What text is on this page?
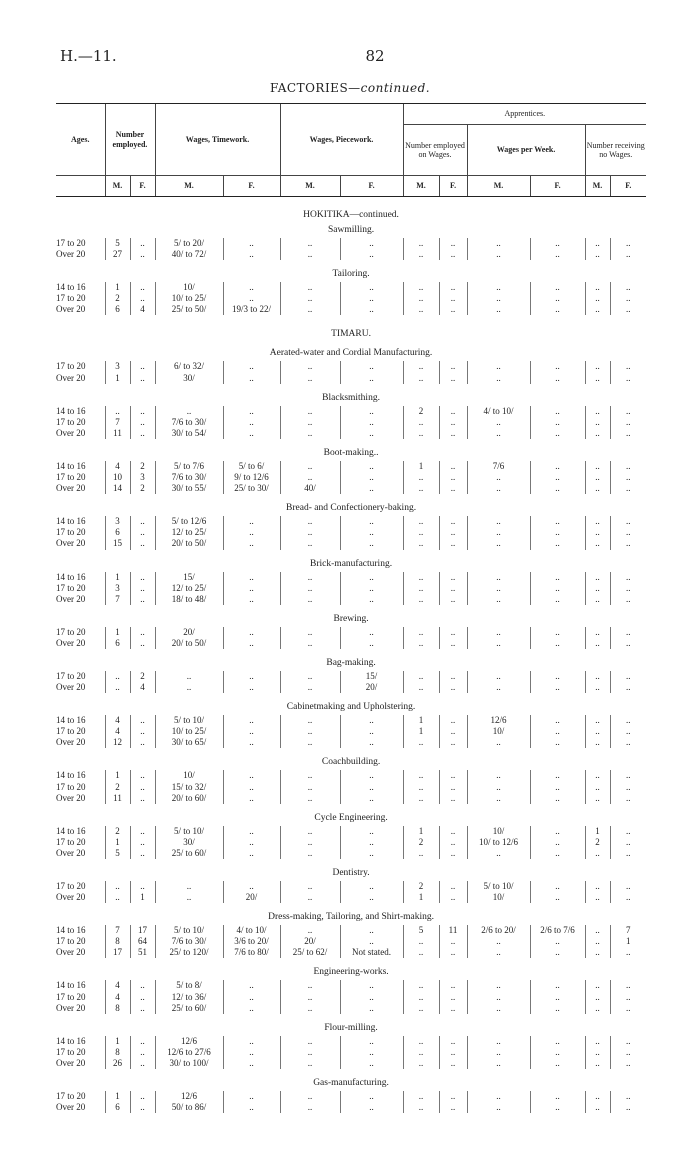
H.—11.	82
FACTORIES—continued.
Ages.	Number employed.		Wages, Timework.		Wages, Piecework.		Apprentices.					
							Number employed on Wages.		Wages per Week.		Number receiving no Wages.	
	M.	F.	M.	F.	M.	F.	M.	F.	M.	F.	M.	F.
HOKITIKA—continued.												
Sawmilling.												
17 to 20	5	..	5/ to 20/	..	..	..	..	..	..	..	..	..
Over 20	27	..	40/ to 72/	..	..	..	..	..	..	..	..	..

Tailoring.												
14 to 16	1	..	10/	..	..	..	..	..	..	..	..	..
17 to 20	2	..	10/ to 25/	..	..	..	..	..	..	..	..	..
Over 20	6	4	25/ to 50/	19/3 to 22/	..	..	..	..	..	..	..	..

TIMARU.												
Aerated-water and Cordial Manufacturing.												
17 to 20	3	..	6/ to 32/	..	..	..	..	..	..	..	..	..
Over 20	1	..	30/	..	..	..	..	..	..	..	..	..

Blacksmithing.												
14 to 16	..	..	..	..	..	..	2	..	4/ to 10/	..	..	..
17 to 20	7	..	7/6 to 30/	..	..	..	..	..	..	..	..	..
Over 20	11	..	30/ to 54/	..	..	..	..	..	..	..	..	..

Boot-making..												
14 to 16	4	2	5/ to 7/6	5/ to 6/	..	..	1	..	7/6	..	..	..
17 to 20	10	3	7/6 to 30/	9/ to 12/6	..	..	..	..	..	..	..	..
Over 20	14	2	30/ to 55/	25/ to 30/	40/	..	..	..	..	..	..	..

Bread- and Confectionery-baking.												
14 to 16	3	..	5/ to 12/6	..	..	..	..	..	..	..	..	..
17 to 20	6	..	12/ to 25/	..	..	..	..	..	..	..	..	..
Over 20	15	..	20/ to 50/	..	..	..	..	..	..	..	..	..

Brick-manufacturing.												
14 to 16	1	..	15/	..	..	..	..	..	..	..	..	..
17 to 20	3	..	12/ to 25/	..	..	..	..	..	..	..	..	..
Over 20	7	..	18/ to 48/	..	..	..	..	..	..	..	..	..

Brewing.												
17 to 20	1	..	20/	..	..	..	..	..	..	..	..	..
Over 20	6	..	20/ to 50/	..	..	..	..	..	..	..	..	..

Bag-making.												
17 to 20	..	2	..	..	..	15/	..	..	..	..	..	..
Over 20	..	4	..	..	..	20/	..	..	..	..	..	..

Cabinetmaking and Upholstering.												
14 to 16	4	..	5/ to 10/	..	..	..	1	..	12/6	..	..	..
17 to 20	4	..	10/ to 25/	..	..	..	1	..	10/	..	..	..
Over 20	12	..	30/ to 65/	..	..	..	..	..	..	..	..	..

Coachbuilding.												
14 to 16	1	..	10/	..	..	..	..	..	..	..	..	..
17 to 20	2	..	15/ to 32/	..	..	..	..	..	..	..	..	..
Over 20	11	..	20/ to 60/	..	..	..	..	..	..	..	..	..

Cycle Engineering.												
14 to 16	2	..	5/ to 10/	..	..	..	1	..	10/	..	1	..
17 to 20	1	..	30/	..	..	..	2	..	10/ to 12/6	..	2	..
Over 20	5	..	25/ to 60/	..	..	..	..	..	..	..	..	..

Dentistry.												
17 to 20	..	..	..	..	..	..	2	..	5/ to 10/	..	..	..
Over 20	..	1	..	20/	..	..	1	..	10/	..	..	..

Dress-making, Tailoring, and Shirt-making.												
14 to 16	7	17	5/ to 10/	4/ to 10/	..	..	5	11	2/6 to 20/	2/6 to 7/6	..	7
17 to 20	8	64	7/6 to 30/	3/6 to 20/	20/	..	..	..	..	..	..	1
Over 20	17	51	25/ to 120/	7/6 to 80/	25/ to 62/	Not stated.	..	..	..	..	..	..

Engineering-works.												
14 to 16	4	..	5/ to 8/	..	..	..	..	..	..	..	..	..
17 to 20	4	..	12/ to 36/	..	..	..	..	..	..	..	..	..
Over 20	8	..	25/ to 60/	..	..	..	..	..	..	..	..	..

Flour-milling.												
14 to 16	1	..	12/6	..	..	..	..	..	..	..	..	..
17 to 20	8	..	12/6 to 27/6	..	..	..	..	..	..	..	..	..
Over 20	26	..	30/ to 100/	..	..	..	..	..	..	..	..	..

Gas-manufacturing.												
17 to 20	1	..	12/6	..	..	..	..	..	..	..	..	..
Over 20	6	..	50/ to 86/	..	..	..	..	..	..	..	..	..
